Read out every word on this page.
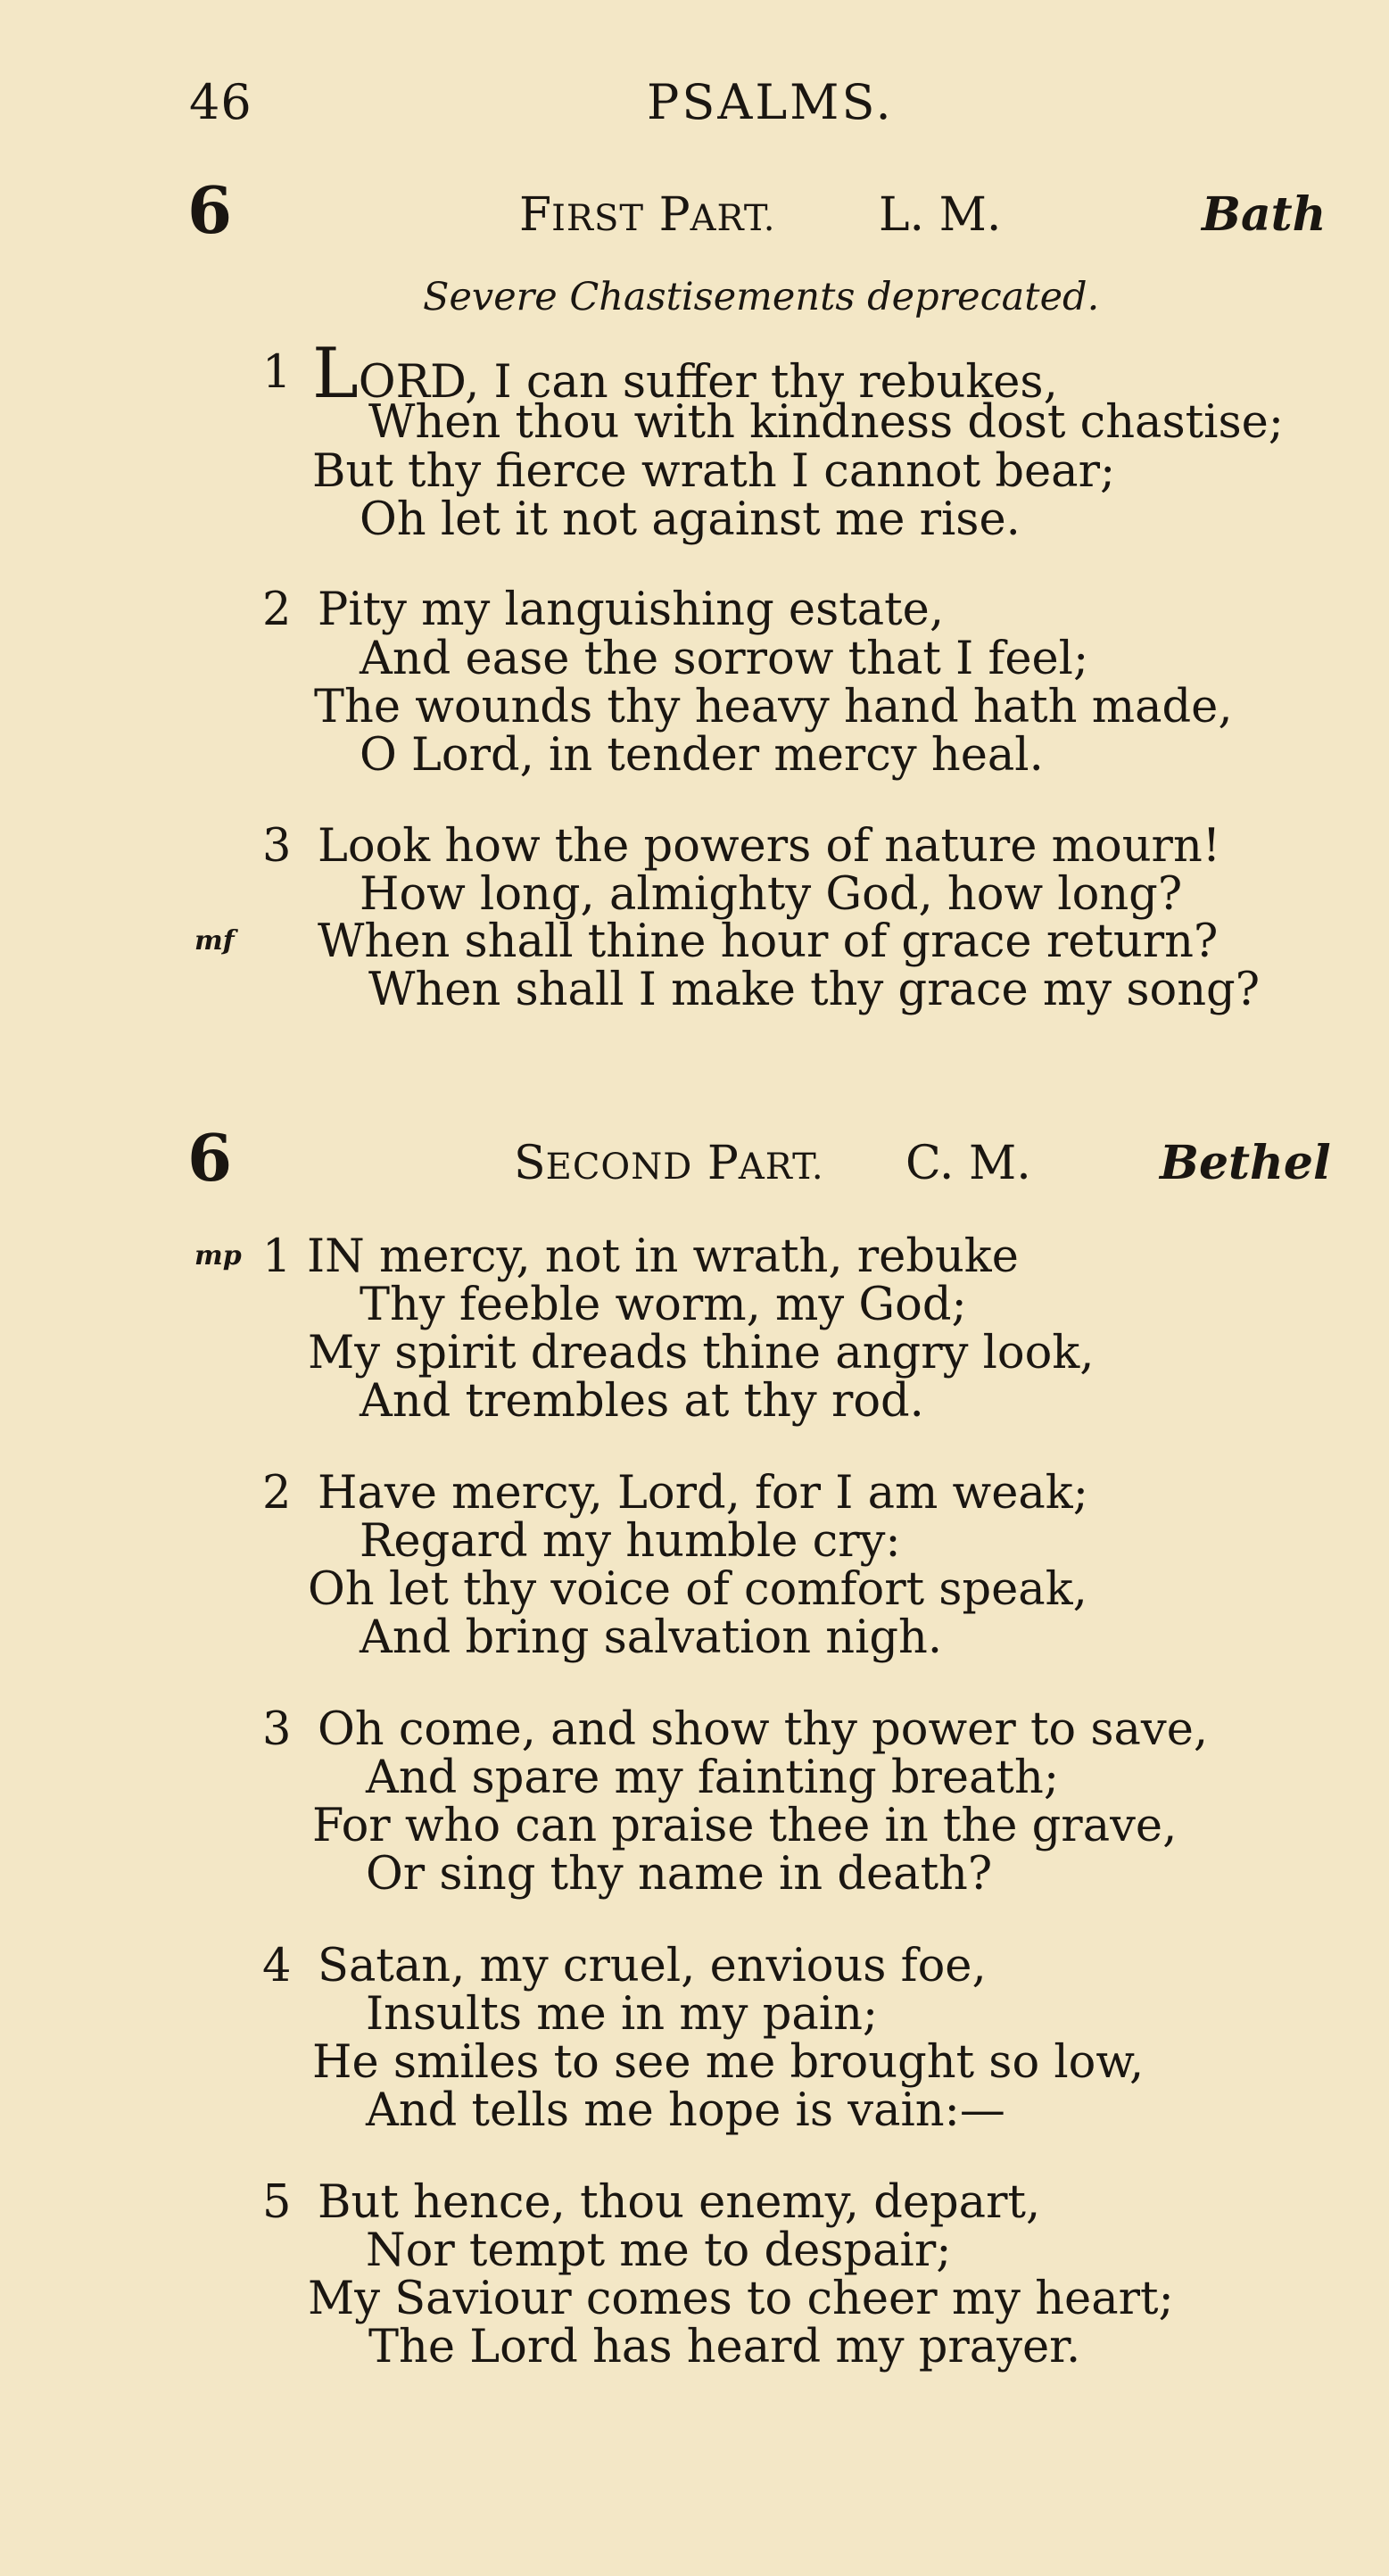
46	PSALMS.
6	FIRST PART. L. M.	Bath
Severe Chastisements deprecated.
1 LORD, I can suffer thy rebukes,
When thou with kindness dost chastise;
But thy fierce wrath I cannot bear;
Oh let it not against me rise.
2 Pity my languishing estate,
And ease the sorrow that I feel;
The wounds thy heavy hand hath made,
O Lord, in tender mercy heal.
3 Look how the powers of nature mourn!
How long, almighty God, how long?
mf When shall thine hour of grace return?
When shall I make thy grace my song?
6	SECOND PART. C. M.	Bethel
mp 1 IN mercy, not in wrath, rebuke
Thy feeble worm, my God;
My spirit dreads thine angry look,
And trembles at thy rod.
2 Have mercy, Lord, for I am weak;
Regard my humble cry:
Oh let thy voice of comfort speak,
And bring salvation nigh.
3 Oh come, and show thy power to save,
And spare my fainting breath;
For who can praise thee in the grave,
Or sing thy name in death?
4 Satan, my cruel, envious foe,
Insults me in my pain;
He smiles to see me brought so low,
And tells me hope is vain:—
5 But hence, thou enemy, depart,
Nor tempt me to despair;
My Saviour comes to cheer my heart;
The Lord has heard my prayer.
